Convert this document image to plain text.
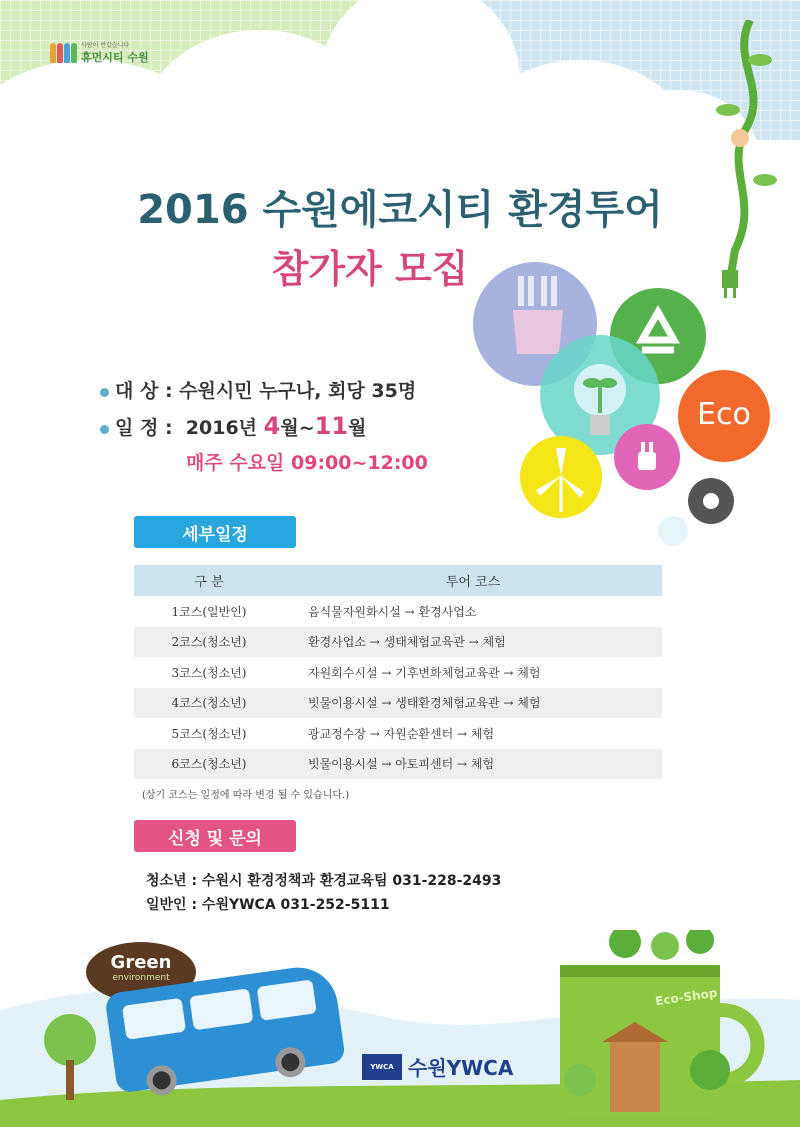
사람이 반갑습니다
휴먼시티 수원
2016 수원에코시티 환경투어
참가자 모집
Eco
대 상 :
수원시민 누구나, 회당 35명
일 정 :
2016년
4 월 ~ 11 월
매주 수요일 09:00~12:00
세부일정
구 분	투어 코스
1코스(일반인)	음식물자원화시설 → 환경사업소
2코스(청소년)	환경사업소 → 생태체험교육관 → 체험
3코스(청소년)	자원회수시설 → 기후변화체험교육관 → 체험
4코스(청소년)	빗물이용시설 → 생태환경체험교육관 → 체험
5코스(청소년)	광교정수장 → 자원순환센터 → 체험
6코스(청소년)	빗물이용시설 → 아토피센터 → 체험
(상기 코스는 일정에 따라 변경 될 수 있습니다.)
신청 및 문의
청소년 : 수원시 환경정책과 환경교육팀 031-228-2493
일반인 : 수원YWCA 031-252-5111
Green
environment
Eco-Shop
YWCA 수원YWCA
